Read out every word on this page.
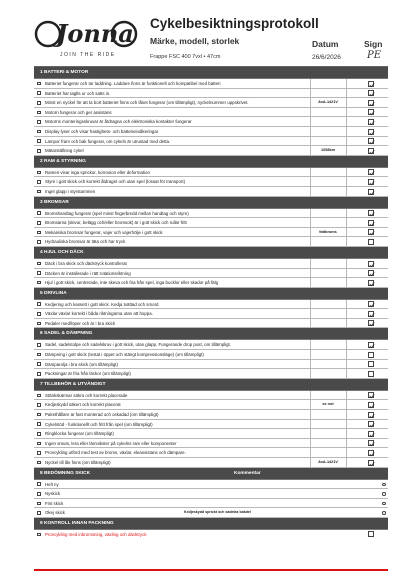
Jonna
JOIN THE RIDE
Cykelbesiktningsprotokoll
Märke, modell, storlek
Frappe FSC 400 7vxl • 47cm
Datum
26/6/2026
Sign
PE
1 BATTERI & MOTOR
Batteriet fungerar och tar laddning. Laddare finns är funktionell och kompatibel med batteri
Batteriet har taglts ur och satts in.
Minst en nyckel för att ta bort batteriet finns och låset fungerar (om tillämpligt), nyckelnummer uppskrivet.	AxA-1421V
Motorn fungerar och ger assistans
Motorns monteringsskruvar är åtdragna och elektroniska kontakter fungerar
Display lyser och visar hastighets- och batterieindikeringar
Lampor fram och bak fungerar, om cykeln är utrustad med detta.
Mätarställning cykel	1058km
2 RAM & STYRNING
Ramen visar inga sprickor, korrosion eller deformation
Styre i gott skick och korrekt åtdraget och utan spel (lossat för transport)
Inget glapp i styrstammen
3 BROMSAR
Bromshandtag fungerar (spel minst fingerbredd mellan handtag och styre)
Bromsarna (skivor, belägg och/eller bromsok) är i gott skick och rullar fritt
Mekaniska bromsar fungerar, vajer och vajerhölje i gott skick	fattbroms
Hydrauliska bromsar är täta och har tryck
4 HJUL OCH DÄCK
Däck i bra skick och däcktryck kontrollerat
Däcken är installerade i rätt rotationsriktning
Hjul i gott skick, centrerade, inte skeva och fria från spel, inga bucklor eller skador på fälg
5 DRIVLINA
Kedjering och kassett i gott skick. Kedja tvättad och smord
Växlar växlar korrekt i båda riktningarna utan att hoppa.
Pedaler med/löper och är i bra skick
6 SADEL & DÄMPNING
Sadel, sadelstolpe och sadelskruv i gott skick, utan glapp. Fungerande drop post, om tillämpligt.
Dämpning i gott skick (testat i öppet och stängt kompressionsläge) (om tillämpligt)
Dämparolja i bra skick (om tillämpligt)
Packningar är fria från läckor (om tillämpligt)
7 TILLBEHÖR & UTVÄNDIGT
Stänkskärmar säkra och korrekt placerade
Kedjeskydd säkert och korrekt placerat	se not
Pakethållare är fast monterad och oskadad (om tillämpligt)
Cykelstöd - funktionellt och fritt från spel (om tillämpligt)
Ringklocka fungerar (om tillämpligt)
Ingen smuts, lera eller lämnikster på cykelns ram eller komponenter
Provcykling utförd med test av broms, växlar, eleassistans och dämpare.
Nyckel till lås finns (om tillämpligt)	AxA-1421V
8 BEDÖMNING SKICK	Kommentar
Helt ny
Nyskick
Fint skick
Okej skick	Kedjeskydd sprickt och sadelax bakdel
9 KONTROLL INNAN PACKNING
Provcykling med inbromsning, växling och däcktryck
